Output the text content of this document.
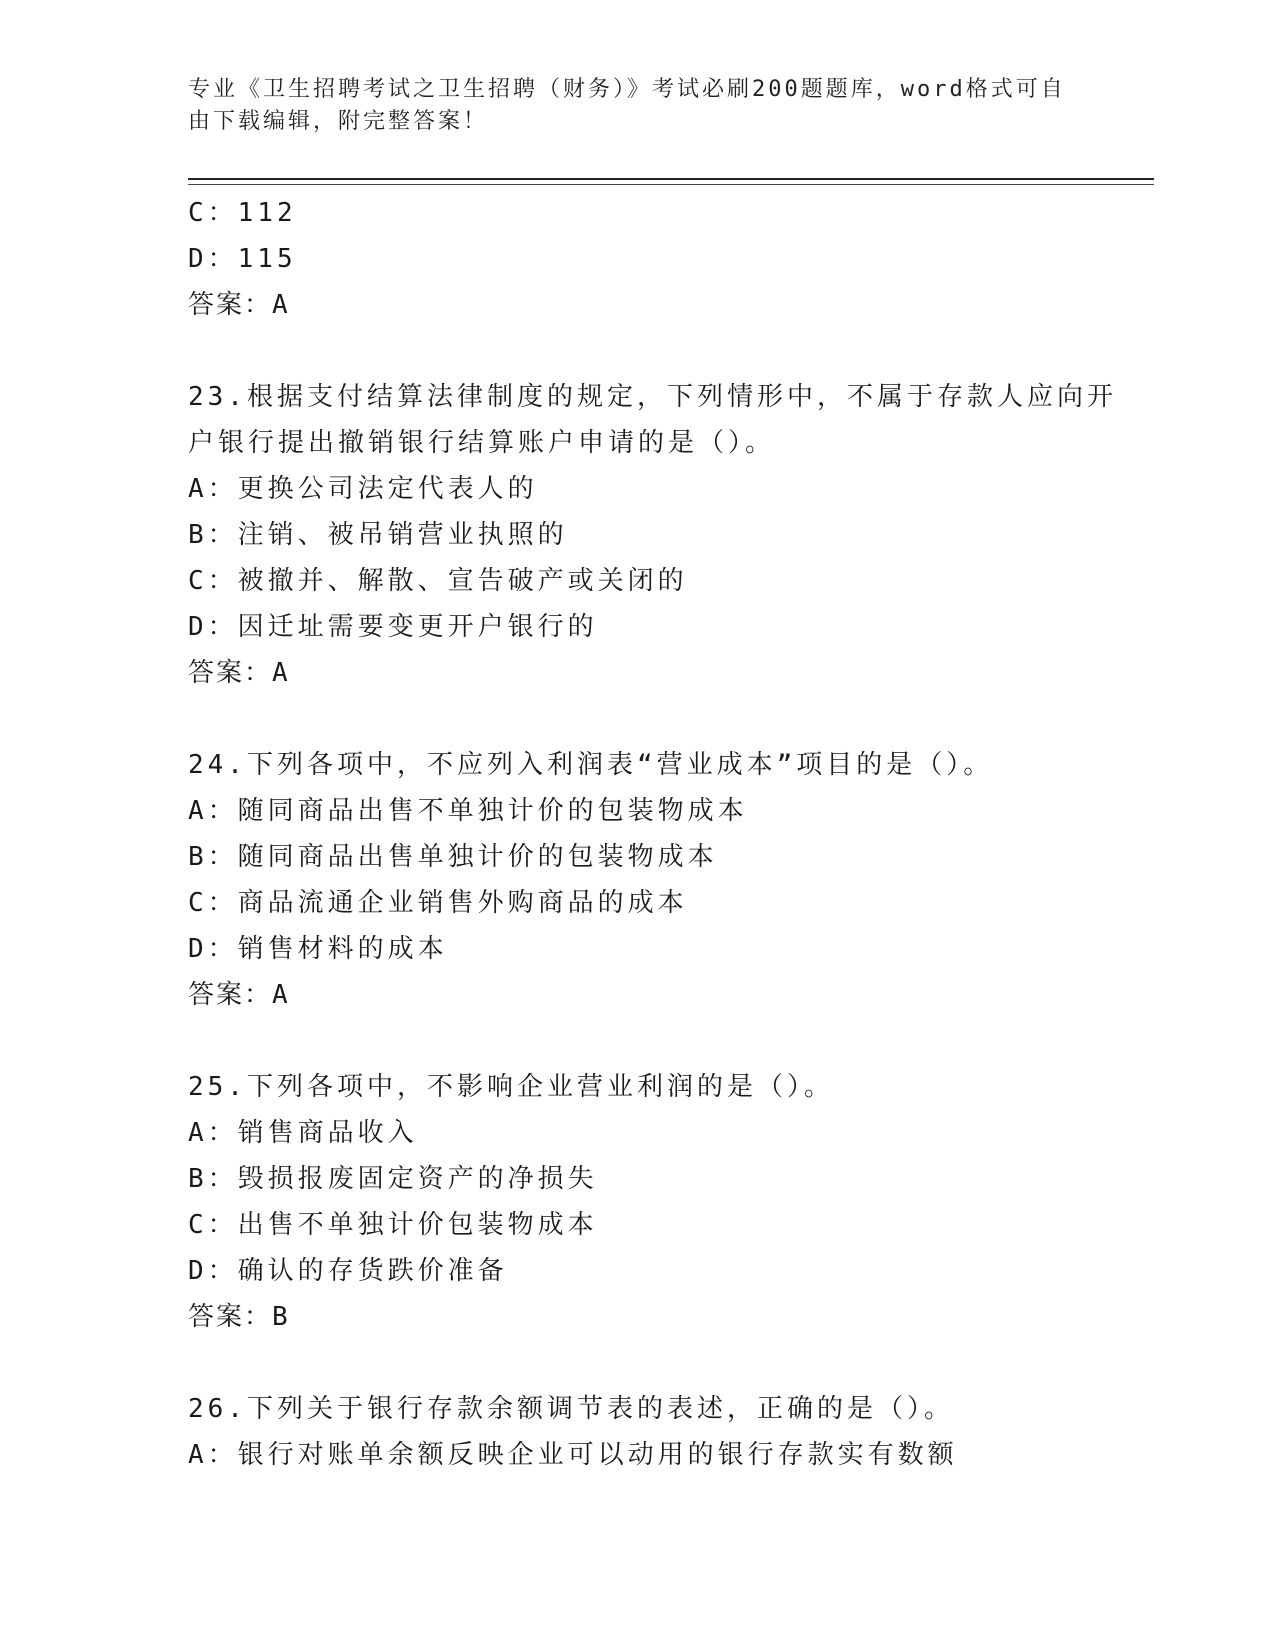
专业《卫生招聘考试之卫生招聘（财务）》考试必刷200题题库，word格式可自
由下载编辑，附完整答案！
C：112
D：115
答案：A
23.根据支付结算法律制度的规定，下列情形中，不属于存款人应向开
户银行提出撤销银行结算账户申请的是（）。
A：更换公司法定代表人的
B：注销、被吊销营业执照的
C：被撤并、解散、宣告破产或关闭的
D：因迁址需要变更开户银行的
答案：A
24.下列各项中，不应列入利润表“营业成本”项目的是（）。
A：随同商品出售不单独计价的包装物成本
B：随同商品出售单独计价的包装物成本
C：商品流通企业销售外购商品的成本
D：销售材料的成本
答案：A
25.下列各项中，不影响企业营业利润的是（）。
A：销售商品收入
B：毁损报废固定资产的净损失
C：出售不单独计价包装物成本
D：确认的存货跌价准备
答案：B
26.下列关于银行存款余额调节表的表述，正确的是（）。
A：银行对账单余额反映企业可以动用的银行存款实有数额
